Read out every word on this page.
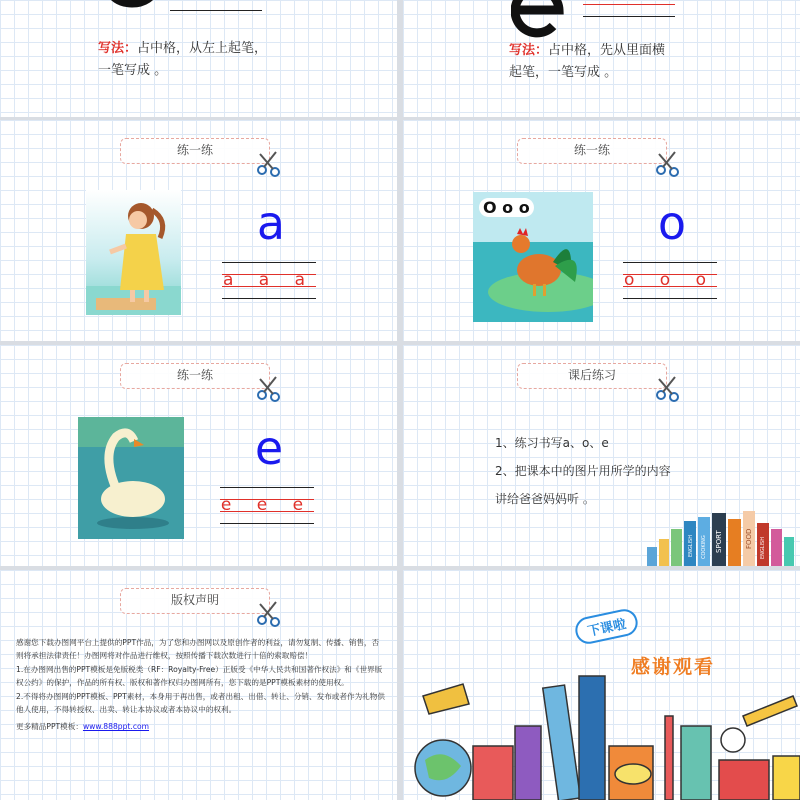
写法：占中格，从左上起笔，
一笔写成 。
写法：占中格，先从里面横
起笔，一笔写成 。
练一练
a
a a a
练一练
O o o	o
o o o
练一练
e
e e e
课后练习
1、练习书写a、o、e
2、把课本中的图片用所学的内容
讲给爸爸妈妈听 。
SPORT	FOOD
ENGLISH COOKING	ENGLISH
版权声明
感谢您下载办图网平台上提供的PPT作品，为了您和办图网以及原创作者的利益，请勿复制、传播、销售，否则将承担法律责任！办图网将对作品进行维权，按照传播下载次数进行十倍的索取赔偿！
1.在办图网出售的PPT模板是免版税类（RF：Royalty-Free）正版受《中华人民共和国著作权法》和《世界版权公约》的保护，作品的所有权、版权和著作权归办图网所有，您下载的是PPT模板素材的使用权。
2.不得将办图网的PPT模板、PPT素材，本身用于再出售，或者出租、出借、转让、分销、发布或者作为礼物供他人使用，不得转授权、出卖、转让本协议或者本协议中的权利。
更多精品PPT模板：www.888ppt.com
下课啦
感谢观看
